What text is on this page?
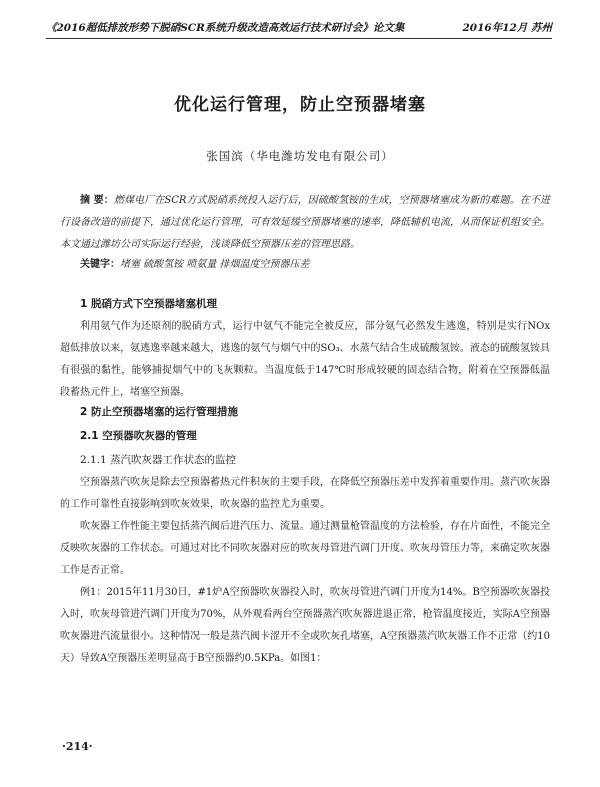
《2016超低排放形势下脱硝SCR系统升级改造高效运行技术研讨会》论文集	2016年12月 苏州
优化运行管理，防止空预器堵塞
张国滨（华电潍坊发电有限公司）
摘 要：燃煤电厂在SCR方式脱硝系统投入运行后，因硫酸氢铵的生成，空预器堵塞成为新的难题。在不进行设备改造的前提下，通过优化运行管理，可有效延缓空预器堵塞的速率，降低辅机电流，从而保证机组安全。本文通过潍坊公司实际运行经验，浅谈降低空预器压差的管理思路。
关键字：堵塞 硫酸氢铵 喷氨量 排烟温度空预器压差
1 脱硝方式下空预器堵塞机理

利用氨气作为还原剂的脱硝方式，运行中氨气不能完全被反应，部分氨气必然发生逃逸，特别是实行NOx超低排放以来，氨逃逸率越来越大，逃逸的氨气与烟气中的SO₃、水蒸气结合生成硫酸氢铵。液态的硫酸氢铵具有很强的黏性，能够捕捉烟气中的飞灰颗粒。当温度低于147℃时形成较硬的固态结合物，附着在空预器低温段蓄热元件上，堵塞空预器。

2 防止空预器堵塞的运行管理措施
2.1 空预器吹灰器的管理
2.1.1 蒸汽吹灰器工作状态的监控

空预器蒸汽吹灰是除去空预器蓄热元件积灰的主要手段，在降低空预器压差中发挥着重要作用。蒸汽吹灰器的工作可靠性直接影响到吹灰效果，吹灰器的监控尤为重要。

吹灰器工作性能主要包括蒸汽阀后进汽压力、流量。通过测量枪管温度的方法检验，存在片面性，不能完全反映吹灰器的工作状态。可通过对比不同吹灰器对应的吹灰母管进汽调门开度、吹灰母管压力等，来确定吹灰器工作是否正常。

例1：2015年11月30日，#1炉A空预器吹灰器投入时，吹灰母管进汽调门开度为14%。B空预器吹灰器投入时，吹灰母管进汽调门开度为70%，从外观看两台空预器蒸汽吹灰器进退正常，枪管温度接近，实际A空预器吹灰器进汽流量很小。这种情况一般是蒸汽阀卡涩开不全或吹灰孔堵塞，A空预器蒸汽吹灰器工作不正常（约10天）导致A空预器压差明显高于B空预器约0.5KPa。如图1：

·214·
